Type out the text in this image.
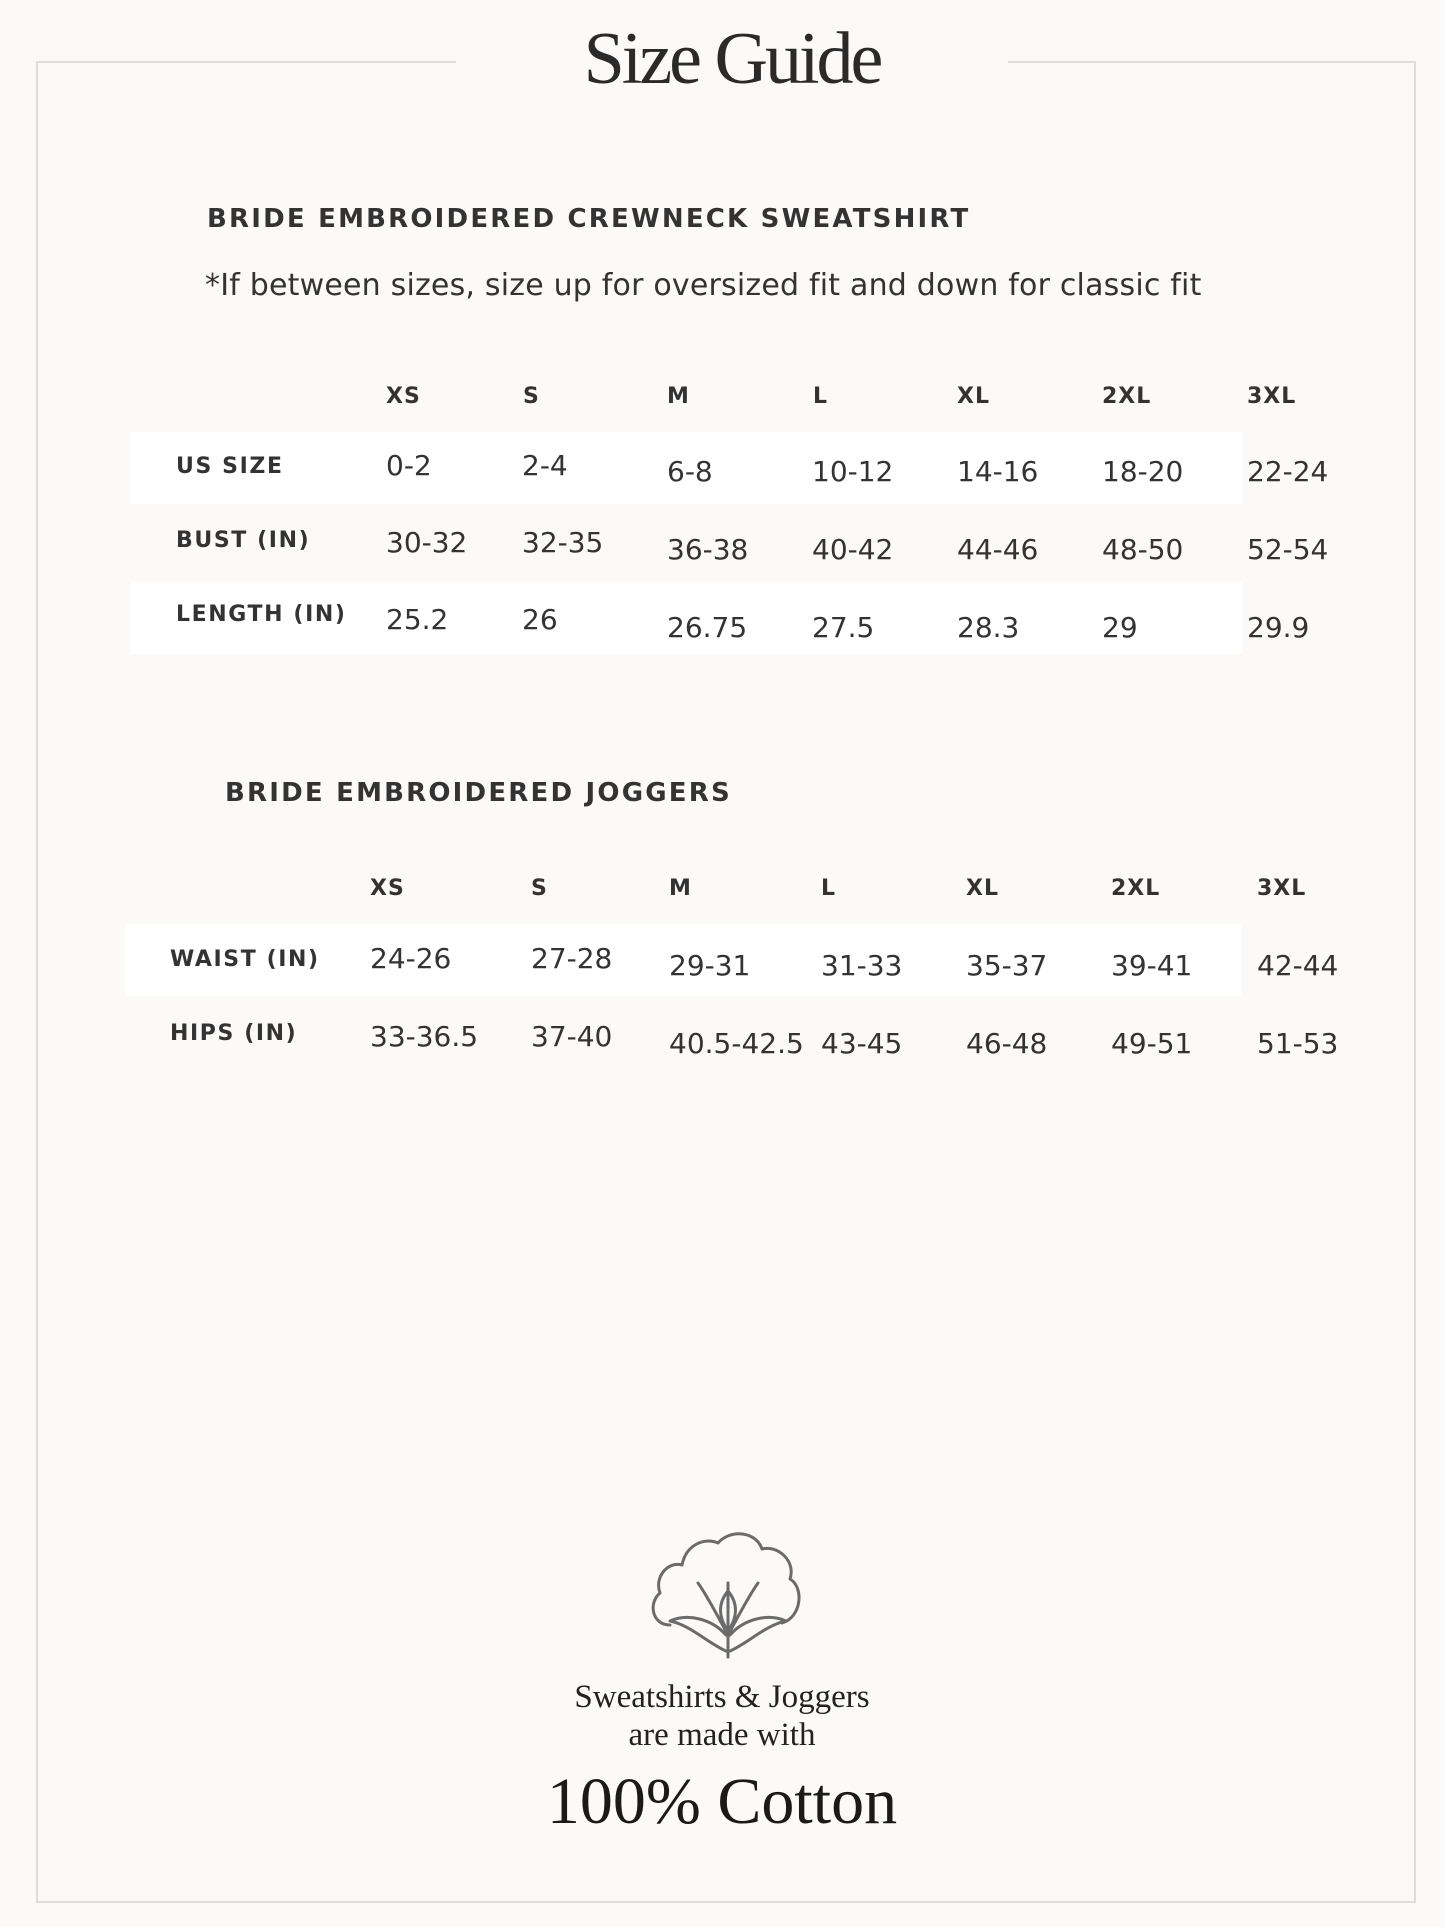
Size Guide
BRIDE EMBROIDERED CREWNECK SWEATSHIRT
*If between sizes, size up for oversized fit and down for classic fit
XS	S	M	L	XL	2XL	3XL
US SIZE	0-2	2-4	6-8	10-12 14-16 18-20 22-24
BUST (IN)	30-32 32-35 36-38 40-42 44-46 48-50 52-54
LENGTH (IN) 25.2	26	26.75 27.5	28.3	29	29.9
BRIDE EMBROIDERED JOGGERS
XS	S	M	L	XL	2XL	3XL
WAIST (IN) 24-26	27-28 29-31	31-33 35-37 39-41 42-44
HIPS (IN)	33-36.5 37-40 40.5-42.5 43-45 46-48 49-51 51-53
Sweatshirts & Joggers
are made with
100% Cotton
